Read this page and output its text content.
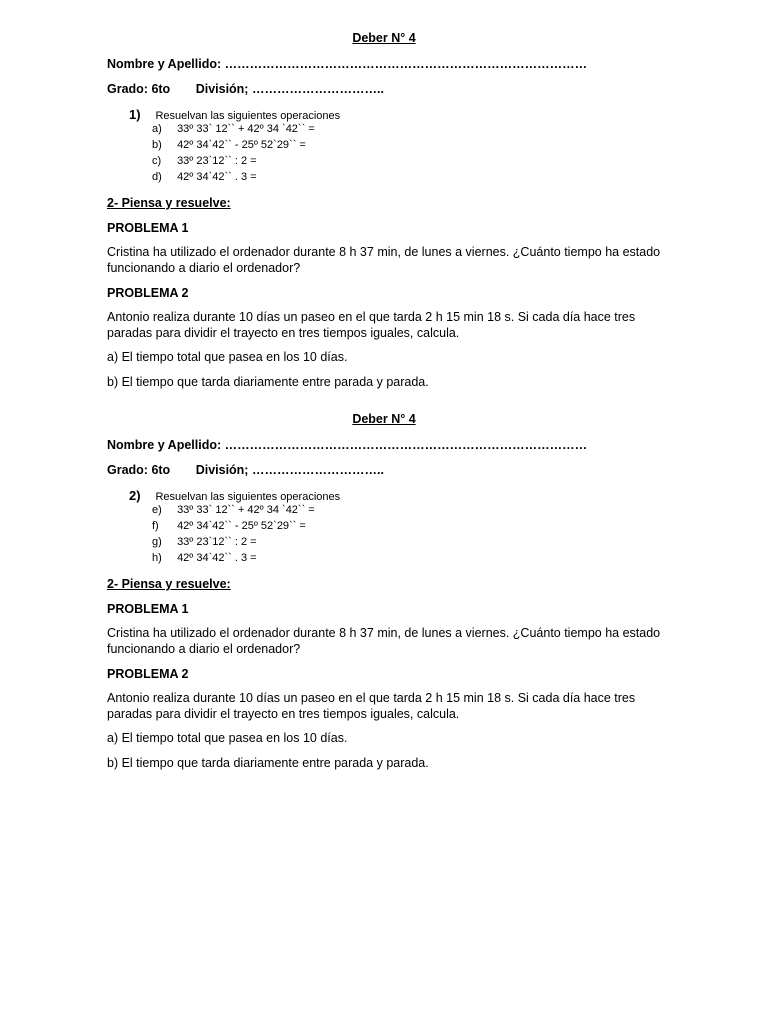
Deber N° 4
Nombre y Apellido: ……………………………………………………………………………
Grado: 6to División; …………………………..
1) Resuelvan las siguientes operaciones
a) 33º 33` 12`` + 42º 34 `42`` =
b) 42º 34`42`` - 25º 52`29`` =
c) 33º 23`12`` : 2 =
d) 42º 34`42`` . 3 =
2- Piensa y resuelve:
PROBLEMA 1
Cristina ha utilizado el ordenador durante 8 h 37 min, de lunes a viernes. ¿Cuánto tiempo ha estado funcionando a diario el ordenador?
PROBLEMA 2
Antonio realiza durante 10 días un paseo en el que tarda 2 h 15 min 18 s. Si cada día hace tres paradas para dividir el trayecto en tres tiempos iguales, calcula.
a) El tiempo total que pasea en los 10 días.
b) El tiempo que tarda diariamente entre parada y parada.
Deber N° 4
Nombre y Apellido: ……………………………………………………………………………
Grado: 6to División; …………………………..
2) Resuelvan las siguientes operaciones
e) 33º 33` 12`` + 42º 34 `42`` =
f) 42º 34`42`` - 25º 52`29`` =
g) 33º 23`12`` : 2 =
h) 42º 34`42`` . 3 =
2- Piensa y resuelve:
PROBLEMA 1
Cristina ha utilizado el ordenador durante 8 h 37 min, de lunes a viernes. ¿Cuánto tiempo ha estado funcionando a diario el ordenador?
PROBLEMA 2
Antonio realiza durante 10 días un paseo en el que tarda 2 h 15 min 18 s. Si cada día hace tres paradas para dividir el trayecto en tres tiempos iguales, calcula.
a) El tiempo total que pasea en los 10 días.
b) El tiempo que tarda diariamente entre parada y parada.
